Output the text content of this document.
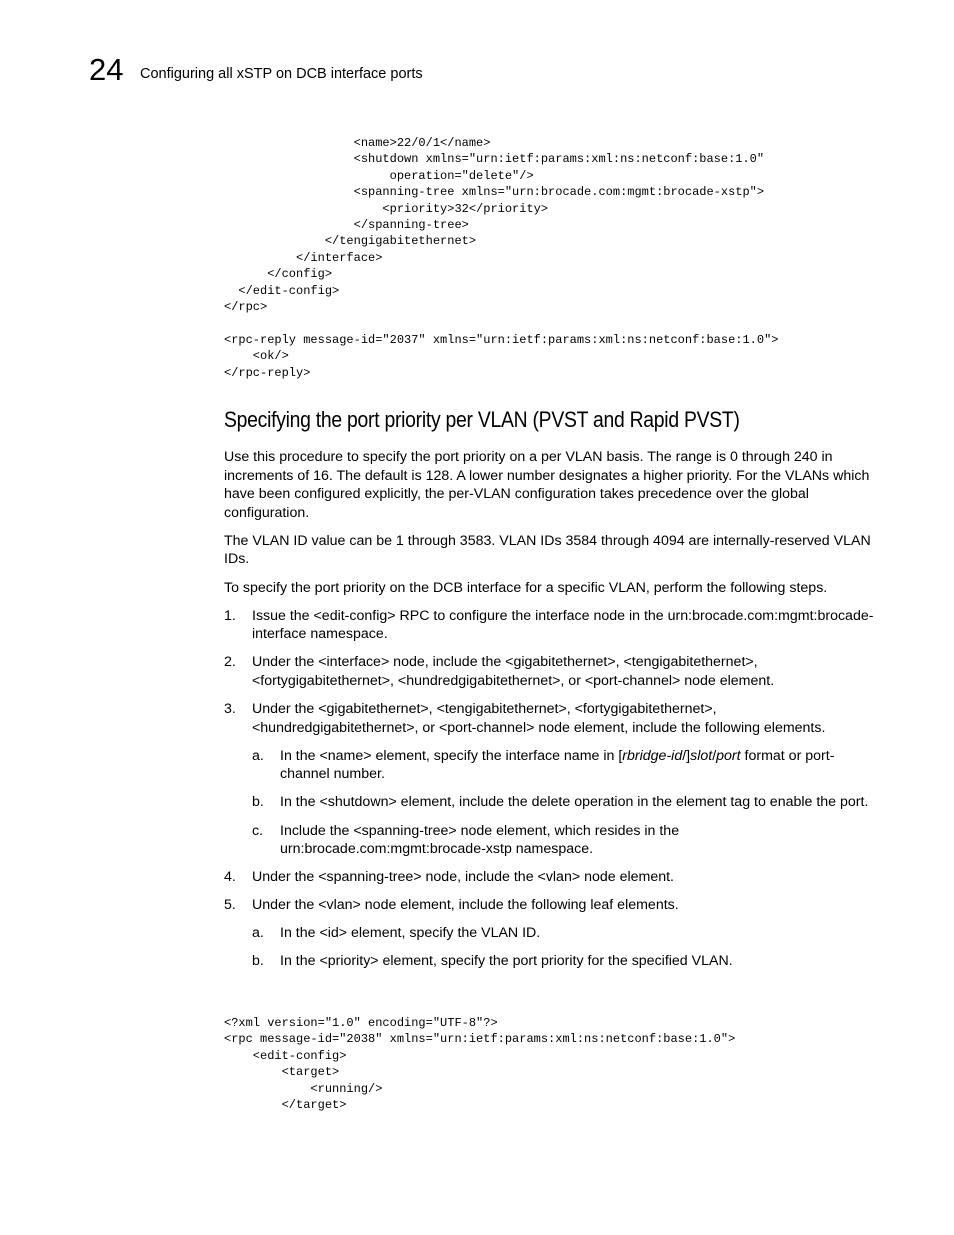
24 Configuring all xSTP on DCB interface ports
<name>22/0/1</name>
<shutdown xmlns="urn:ietf:params:xml:ns:netconf:base:1.0"
operation="delete"/>
<spanning-tree xmlns="urn:brocade.com:mgmt:brocade-xstp">
<priority>32</priority>
</spanning-tree>
</tengigabitethernet>
</interface>
</config>
</edit-config>
</rpc>

<rpc-reply message-id="2037" xmlns="urn:ietf:params:xml:ns:netconf:base:1.0">
<ok/>
</rpc-reply>
Specifying the port priority per VLAN (PVST and Rapid PVST)

Use this procedure to specify the port priority on a per VLAN basis. The range is 0 through 240 in increments of 16. The default is 128. A lower number designates a higher priority. For the VLANs which have been configured explicitly, the per-VLAN configuration takes precedence over the global configuration.

The VLAN ID value can be 1 through 3583. VLAN IDs 3584 through 4094 are internally-reserved VLAN IDs.

To specify the port priority on the DCB interface for a specific VLAN, perform the following steps.

1. Issue the <edit-config> RPC to configure the interface node in the urn:brocade.com:mgmt:brocade-interface namespace.
2. Under the <interface> node, include the <gigabitethernet>, <tengigabitethernet>, <fortygigabitethernet>, <hundredgigabitethernet>, or <port-channel> node element.
3. Under the <gigabitethernet>, <tengigabitethernet>, <fortygigabitethernet>, <hundredgigabitethernet>, or <port-channel> node element, include the following elements.
a. In the <name> element, specify the interface name in [rbridge-id/]slot/port format or port-channel number.
b. In the <shutdown> element, include the delete operation in the element tag to enable the port.
c. Include the <spanning-tree> node element, which resides in the urn:brocade.com:mgmt:brocade-xstp namespace.
4. Under the <spanning-tree> node, include the <vlan> node element.
5. Under the <vlan> node element, include the following leaf elements.
a. In the <id> element, specify the VLAN ID.
b. In the <priority> element, specify the port priority for the specified VLAN.
<?xml version="1.0" encoding="UTF-8"?>
<rpc message-id="2038" xmlns="urn:ietf:params:xml:ns:netconf:base:1.0">
<edit-config>
<target>
<running/>
</target>
